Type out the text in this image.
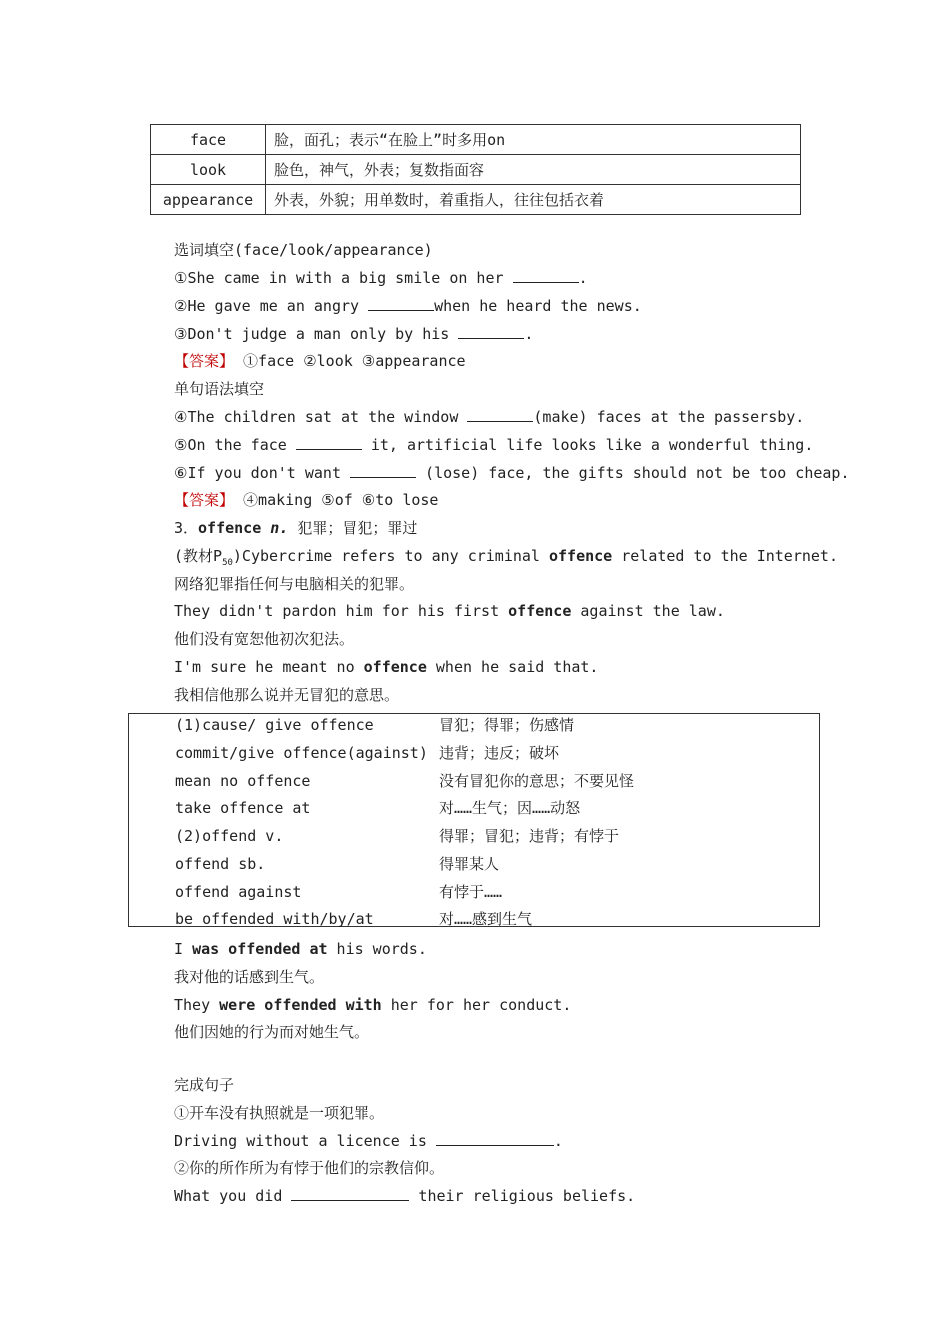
face	脸，面孔；表示“在脸上”时多用on
look	脸色，神气，外表；复数指面容
appearance	外表，外貌；用单数时，着重指人，往往包括衣着
选词填空(face/look/appearance)
①She came in with a big smile on her	.
②He gave me an angry	when he heard the news.
③Don't judge a man only by his	.
【答案】 ①face ②look ③appearance
单句语法填空
④The children sat at the window	(make) faces at the passersby.
⑤On the face	it, artificial life looks like a wonderful thing.
⑥If you don't want	(lose) face, the gifts should not be too cheap.
【答案】 ④making ⑤of ⑥to lose
3．offence n. 犯罪；冒犯；罪过
(教材$P_{50})Cybercrime$ refers to any criminal offence related to the Internet.
网络犯罪指任何与电脑相关的犯罪。
They didn't pardon him for his first offence against the law.
他们没有宽恕他初次犯法。
I'm sure he meant no offence when he said that.
我相信他那么说并无冒犯的意思。
(1)cause/ give offence	冒犯；得罪；伤感情
commit/give offence(against) 违背；违反；破坏
mean no offence	没有冒犯你的意思；不要见怪
take offence at	对……生气；因……动怒
(2)offend v.	得罪；冒犯；违背；有悖于
offend sb.	得罪某人
offend against	有悖于……
be offended with/by/at	对……感到生气
I was offended at his words.
我对他的话感到生气。
They were offended with her for her conduct.
他们因她的行为而对她生气。
完成句子
①开车没有执照就是一项犯罪。
Driving without a licence is	.
②你的所作所为有悖于他们的宗教信仰。
What you did	their religious beliefs.
